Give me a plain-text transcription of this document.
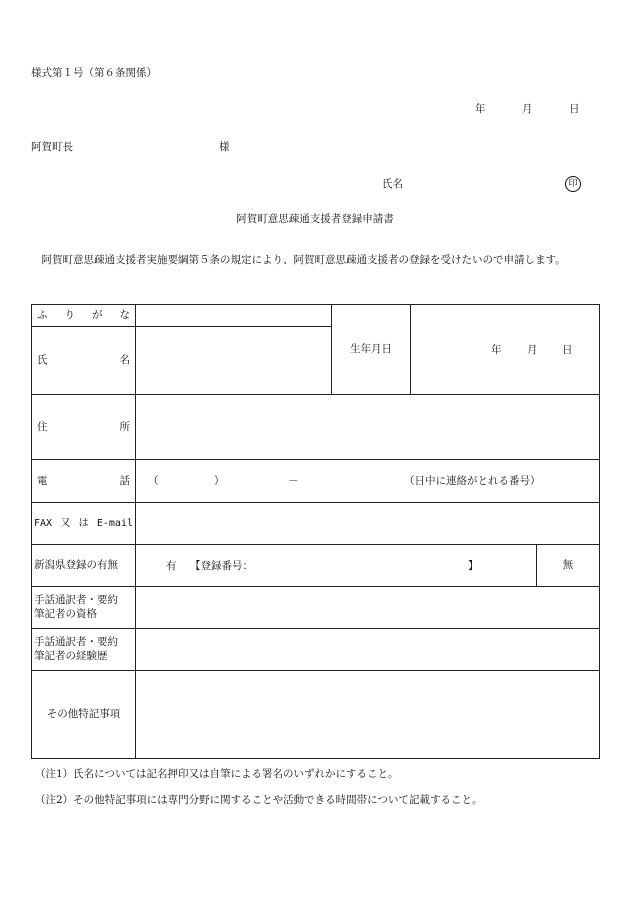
様式第１号（第６条関係）
年	月	日
阿賀町長	様
氏名	印
阿賀町意思疎通支援者登録申請書
阿賀町意思疎通支援者実施要綱第５条の規定により、阿賀町意思疎通支援者の登録を受けたいので申請します。
ふ り が な		生年月日	年 月 日	

氏 名				

住 所				

電 話	（ ） － （日中に連絡がとれる番号）			

FAX 又 は E-mail				

新潟県登録の有無	有 【登録番号： 】			無

手話通訳者・要約
筆記者の資格				

手話通訳者・要約
筆記者の経験歴				

その他特記事項				
（注1）氏名については記名押印又は自筆による署名のいずれかにすること。
（注2）その他特記事項には専門分野に関することや活動できる時間帯について記載すること。
